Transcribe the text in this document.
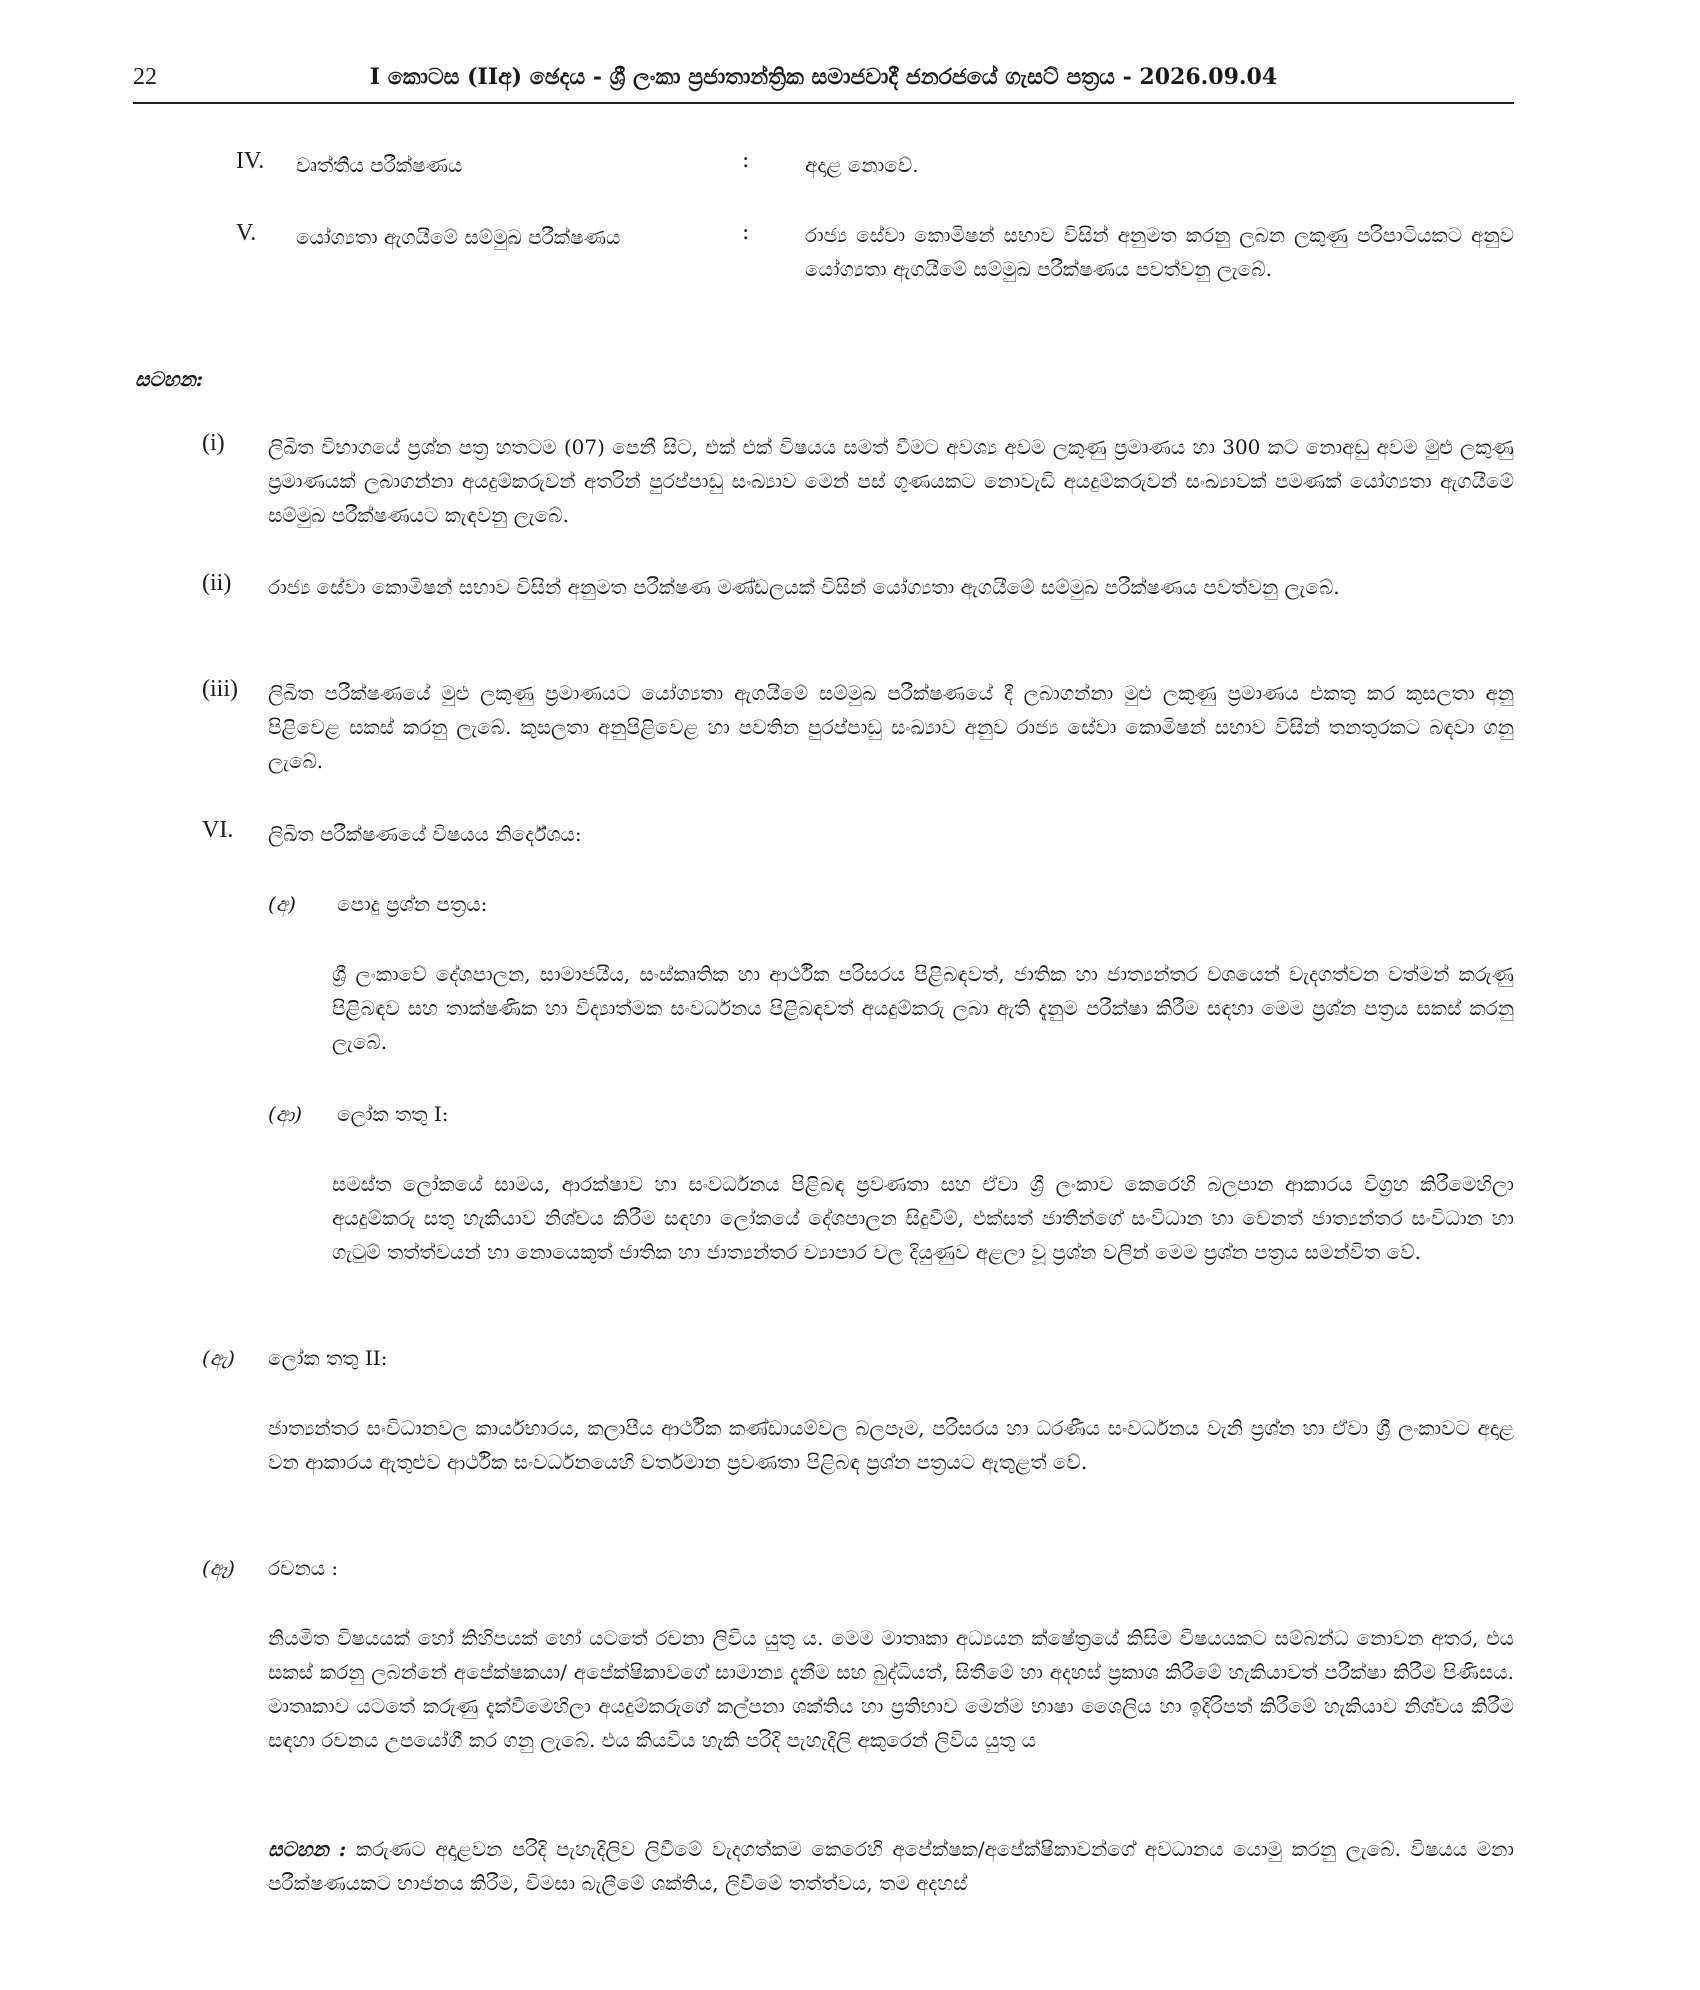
22	I කොටස (IIඅ) ඡෙදය - ශ්‍රී ලංකා ප්‍රජාතාන්ත්‍රික සමාජවාදී ජනරජයේ ගැසට් පත්‍රය - 2026.09.04
IV. වෘත්තීය පරීක්ෂණය	:	අදාළ නොවේ.
V. යෝග්‍යතා ඇගයීමේ සම්මුඛ පරීක්ෂණය	:	රාජ්‍ය සේවා කොමිෂන් සභාව විසින් අනුමත කරනු ලබන ලකුණු පරිපාටියකට අනුව යෝග්‍යතා ඇගයීමේ සම්මුඛ පරීක්ෂණය පවත්වනු ලැබේ.
සටහන:
(i) ලිඛිත විභාගයේ ප්‍රශ්න පත්‍ර හතටම (07) පෙනී සිට, එක් එක් විෂයය සමත් වීමට අවශ්‍ය අවම ලකුණු ප්‍රමාණය හා 300 කට නොඅඩු අවම මුළු ලකුණු ප්‍රමාණයක් ලබාගන්නා අයදුම්කරුවන් අතරින් පුරප්පාඩු සංඛ්‍යාව මෙන් පස් ගුණයකට නොවැඩි අයදුම්කරුවන් සංඛ්‍යාවක් පමණක් යෝග්‍යතා ඇගයීමේ සම්මුඛ පරීක්ෂණයට කැඳවනු ලැබේ.
(ii) රාජ්‍ය සේවා කොමිෂන් සභාව විසින් අනුමත පරීක්ෂණ මණ්ඩලයක් විසින් යෝග්‍යතා ඇගයීමේ සම්මුඛ පරීක්ෂණය පවත්වනු ලැබේ.
(iii) ලිඛිත පරීක්ෂණයේ මුළු ලකුණු ප්‍රමාණයට යෝග්‍යතා ඇගයීමේ සම්මුඛ පරීක්ෂණයේ දී ලබාගන්නා මුළු ලකුණු ප්‍රමාණය එකතු කර කුසලතා අනු පිළිවෙළ සකස් කරනු ලැබේ. කුසලතා අනුපිළිවෙළ හා පවතින පුරප්පාඩු සංඛ්‍යාව අනුව රාජ්‍ය සේවා කොමිෂන් සභාව විසින් තනතුරකට බඳවා ගනු ලැබේ.
VI. ලිඛිත පරීක්ෂණයේ විෂයය නිර්දේශය:
(අ) පොදු ප්‍රශ්න පත්‍රය:
ශ්‍රී ලංකාවේ දේශපාලන, සාමාජයීය, සංස්කෘතික හා ආර්ථික පරිසරය පිළිබඳවත්, ජාතික හා ජාත්‍යන්තර වශයෙන් වැදගත්වන වත්මන් කරුණු පිළිබඳව සහ තාක්ෂණික හා විද්‍යාත්මක සංවර්ධනය පිළිබඳවත් අයදුම්කරු ලබා ඇති දැනුම පරීක්ෂා කිරීම සඳහා මෙම ප්‍රශ්න පත්‍රය සකස් කරනු ලැබේ.
(ආ) ලෝක තතු I:
සමස්ත ලෝකයේ සාමය, ආරක්ෂාව හා සංවර්ධනය පිළිබඳ ප්‍රවණතා සහ ඒවා ශ්‍රී ලංකාව කෙරෙහි බලපාන ආකාරය විග්‍රහ කිරීමෙහිලා අයදුම්කරු සතු හැකියාව නිශ්චය කිරීම සඳහා ලෝකයේ දේශපාලන සිදුවීම්, එක්සත් ජාතීන්ගේ සංවිධාන හා වෙනත් ජාත්‍යන්තර සංවිධාන හා ගැටුම් තත්ත්වයන් හා නොයෙකුත් ජාතික හා ජාත්‍යන්තර ව්‍යාපාර වල දියුණුව අළලා වූ ප්‍රශ්න වලින් මෙම ප්‍රශ්න පත්‍රය සමන්විත වේ.
(ඇ) ලෝක තතු II:
ජාත්‍යන්තර සංවිධානවල කාර්යභාරය, කලාපීය ආර්ථික කණ්ඩායම්වල බලපෑම, පරිසරය හා ධරණීය සංවර්ධනය වැනි ප්‍රශ්න හා ඒවා ශ්‍රී ලංකාවට අදාළ වන ආකාරය ඇතුළුව ආර්ථික සංවර්ධනයෙහි වර්තමාන ප්‍රවණතා පිළිබඳ ප්‍රශ්න පත්‍රයට ඇතුළත් වේ.
(ඈ) රචනය :
නියමිත විෂයයක් හෝ කිහිපයක් හෝ යටතේ රචනා ලිවිය යුතු ය. මෙම මාතෘකා අධ්‍යයන ක්ෂේත්‍රයේ කිසිම විෂයයකට සම්බන්ධ නොවන අතර, එය සකස් කරනු ලබන්නේ අපේක්ෂකයා/ අපේක්ෂිකාවගේ සාමාන්‍ය දැනීම සහ බුද්ධියත්, සිතීමේ හා අදහස් ප්‍රකාශ කිරීමේ හැකියාවත් පරීක්ෂා කිරීම පිණිසය. මාතෘකාව යටතේ කරුණු දැක්වීමෙහිලා අයදුම්කරුගේ කල්පනා ශක්තිය හා ප්‍රතිභාව මෙන්ම භාෂා ශෛලිය හා ඉදිරිපත් කිරීමේ හැකියාව නිශ්චය කිරීම සඳහා රචනය උපයෝගී කර ගනු ලැබේ. එය කියවිය හැකි පරිදි පැහැදිලි අකුරෙන් ලිවිය යුතු ය
සටහන : කරුණට අදාළවන පරිදි පැහැදිලිව ලිවීමේ වැදගත්කම කෙරෙහි අපේක්ෂක/අපේක්ෂිකාවන්ගේ අවධානය යොමු කරනු ලැබේ. විෂයය මනා පරීක්ෂණයකට භාජනය කිරීම, විමසා බැලීමේ ශක්තිය, ලිවීමේ තත්ත්වය, තම අදහස්
